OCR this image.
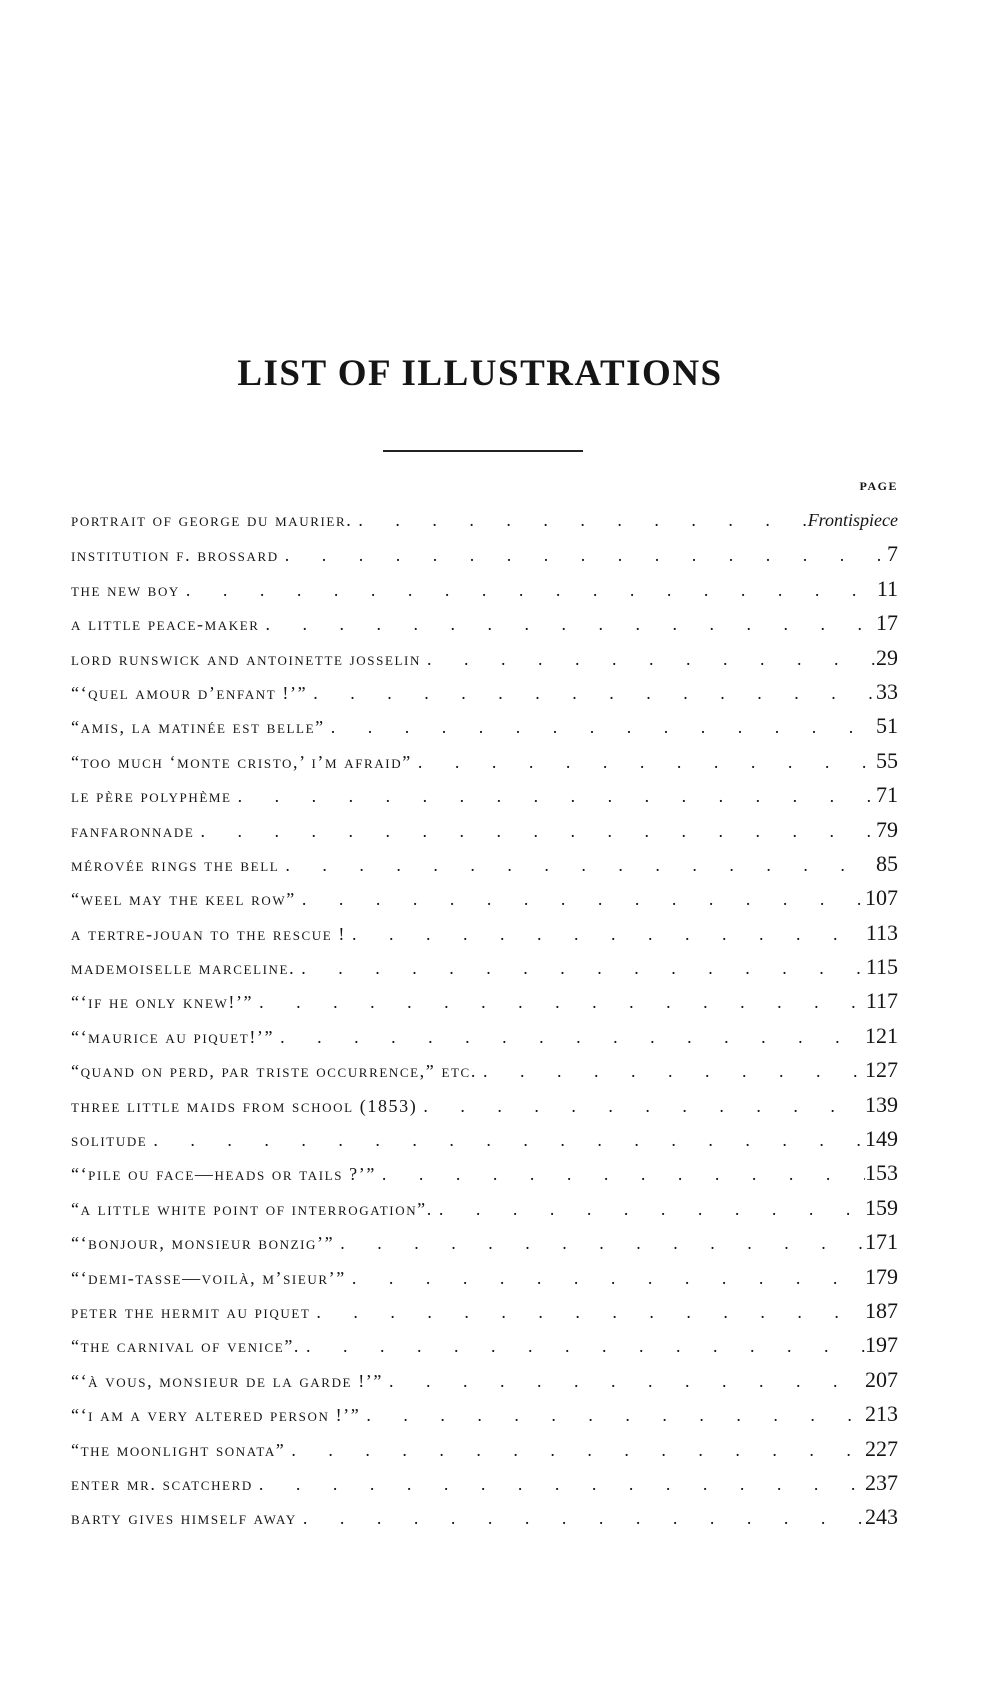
LIST OF ILLUSTRATIONS
PAGE
portrait of george du maurier. . . .	Frontispiece
institution f. brossard . . .	7
the new boy . . .	11
a little peace-maker . . .	17
lord runswick and antoinette josselin . . .	29
“‘quel amour d’enfant !’” . . .	33
“amis, la matinée est belle” . . .	51
“too much ‘monte cristo,’ i’m afraid” . . .	55
le père polyphème . . .	71
fanfaronnade . . .	79
mérovée rings the bell . . .	85
“weel may the keel row” . . .	107
a tertre-jouan to the rescue ! . . .	113
mademoiselle marceline. . . .	115
“‘if he only knew!’” . . .	117
“‘maurice au piquet!’” . . .	121
“quand on perd, par triste occurrence,” etc. . . .	127
three little maids from school (1853) . . .	139
solitude . . .	149
“‘pile ou face—heads or tails ?’” . . .	153
“a little white point of interrogation”. . . .	159
“‘bonjour, monsieur bonzig’” . . .	171
“‘demi-tasse—voilà, m’sieur’” . . .	179
peter the hermit au piquet . . .	187
“the carnival of venice”. . . .	197
“‘à vous, monsieur de la garde !’” . . .	207
“‘i am a very altered person !’” . . .	213
“the moonlight sonata” . . .	227
enter mr. scatcherd . . .	237
barty gives himself away . . .	243
